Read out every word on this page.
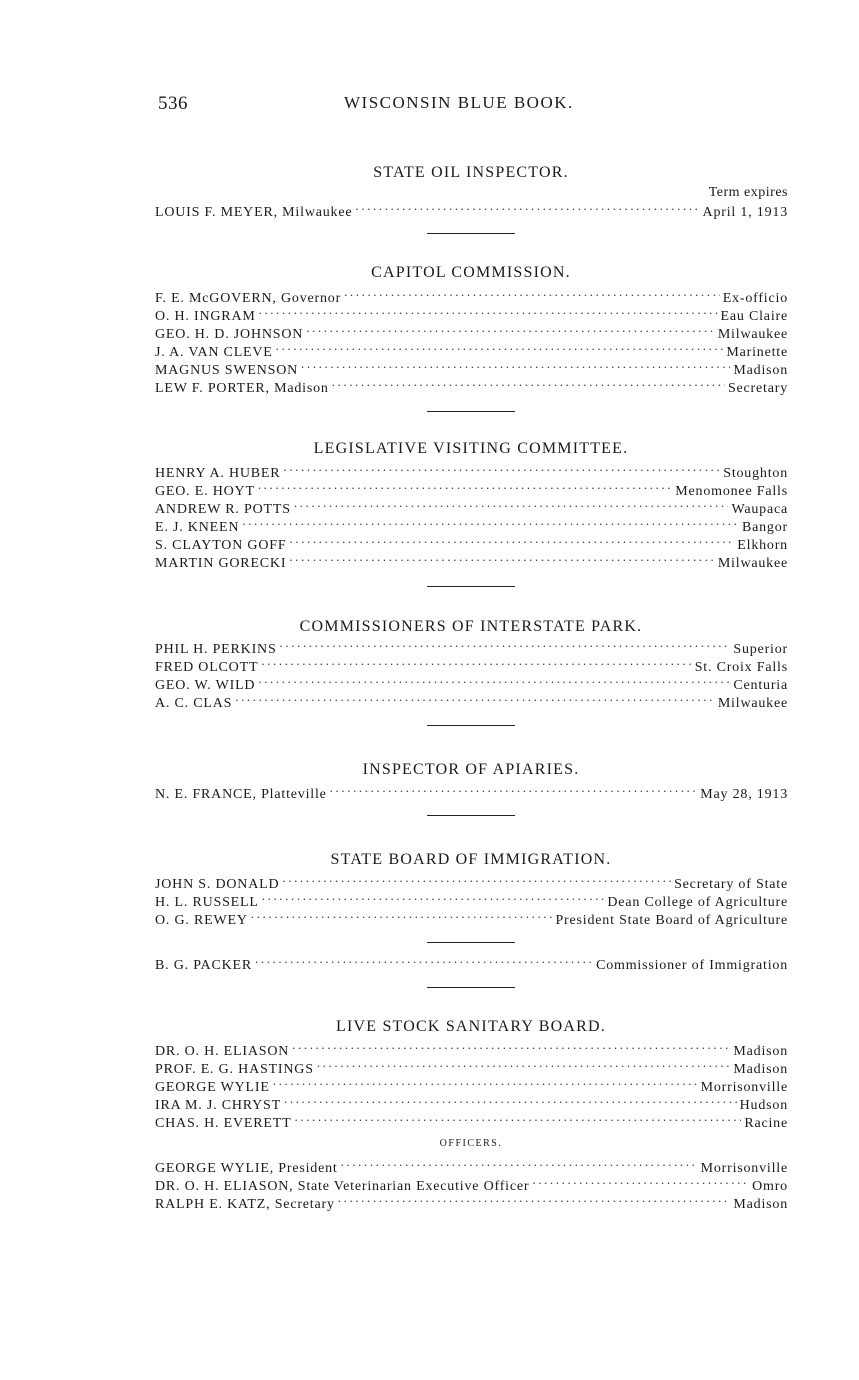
536	WISCONSIN BLUE BOOK.
STATE OIL INSPECTOR.
Term expires
LOUIS F. MEYER, Milwaukee .....	April 1, 1913
CAPITOL COMMISSION.
F. E. McGOVERN, Governor .....	Ex-officio
O. H. INGRAM .....	Eau Claire
GEO. H. D. JOHNSON .....	Milwaukee
J. A. VAN CLEVE .....	Marinette
MAGNUS SWENSON .....	Madison
LEW F. PORTER, Madison .....	Secretary
LEGISLATIVE VISITING COMMITTEE.
HENRY A. HUBER .....	Stoughton
GEO. E. HOYT .....	Menomonee Falls
ANDREW R. POTTS .....	Waupaca
E. J. KNEEN .....	Bangor
S. CLAYTON GOFF .....	Elkhorn
MARTIN GORECKI .....	Milwaukee
COMMISSIONERS OF INTERSTATE PARK.
PHIL H. PERKINS .....	Superior
FRED OLCOTT .....	St. Croix Falls
GEO. W. WILD .....	Centuria
A. C. CLAS .....	Milwaukee
INSPECTOR OF APIARIES.
N. E. FRANCE, Platteville .....	May 28, 1913
STATE BOARD OF IMMIGRATION.
JOHN S. DONALD .....	Secretary of State
H. L. RUSSELL .....	Dean College of Agriculture
O. G. REWEY .....	President State Board of Agriculture
B. G. PACKER .....	Commissioner of Immigration
LIVE STOCK SANITARY BOARD.
DR. O. H. ELIASON .....	Madison
PROF. E. G. HASTINGS .....	Madison
GEORGE WYLIE .....	Morrisonville
IRA M. J. CHRYST .....	Hudson
CHAS. H. EVERETT .....	Racine
OFFICERS.
GEORGE WYLIE, President .....	Morrisonville
DR. O. H. ELIASON, State Veterinarian Executive Officer .....	Omro
RALPH E. KATZ, Secretary .....	Madison
